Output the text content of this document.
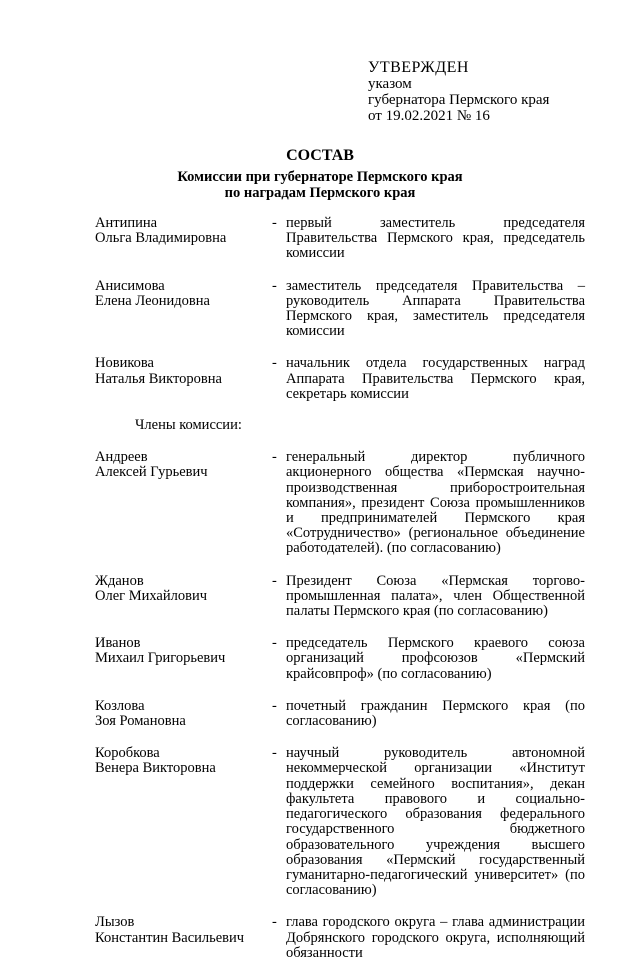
УТВЕРЖДЕН
указом
губернатора Пермского края
от 19.02.2021 № 16
СОСТАВ
Комиссии при губернаторе Пермского края
по наградам Пермского края
Антипина
Ольга Владимировна
- первый заместитель председателя Правительства Пермского края, председатель комиссии
Анисимова
Елена Леонидовна
- заместитель председателя Правительства – руководитель Аппарата Правительства Пермского края, заместитель председателя комиссии
Новикова
Наталья Викторовна
- начальник отдела государственных наград Аппарата Правительства Пермского края, секретарь комиссии
Члены комиссии:
Андреев
Алексей Гурьевич
- генеральный директор публичного акционерного общества «Пермская научно-производственная приборостроительная компания», президент Союза промышленников и предпринимателей Пермского края «Сотрудничество» (региональное объединение работодателей). (по согласованию)
Жданов
Олег Михайлович
- Президент Союза «Пермская торгово-промышленная палата», член Общественной палаты Пермского края (по согласованию)
Иванов
Михаил Григорьевич
- председатель Пермского краевого союза организаций профсоюзов «Пермский крайсовпроф» (по согласованию)
Козлова
Зоя Романовна
- почетный гражданин Пермского края (по согласованию)
Коробкова
Венера Викторовна
- научный руководитель автономной некоммерческой организации «Институт поддержки семейного воспитания», декан факультета правового и социально-педагогического образования федерального государственного бюджетного образовательного учреждения высшего образования «Пермский государственный гуманитарно-педагогический университет» (по согласованию)
Лызов
Константин Васильевич
- глава городского округа – глава администрации Добрянского городского округа, исполняющий обязанности
